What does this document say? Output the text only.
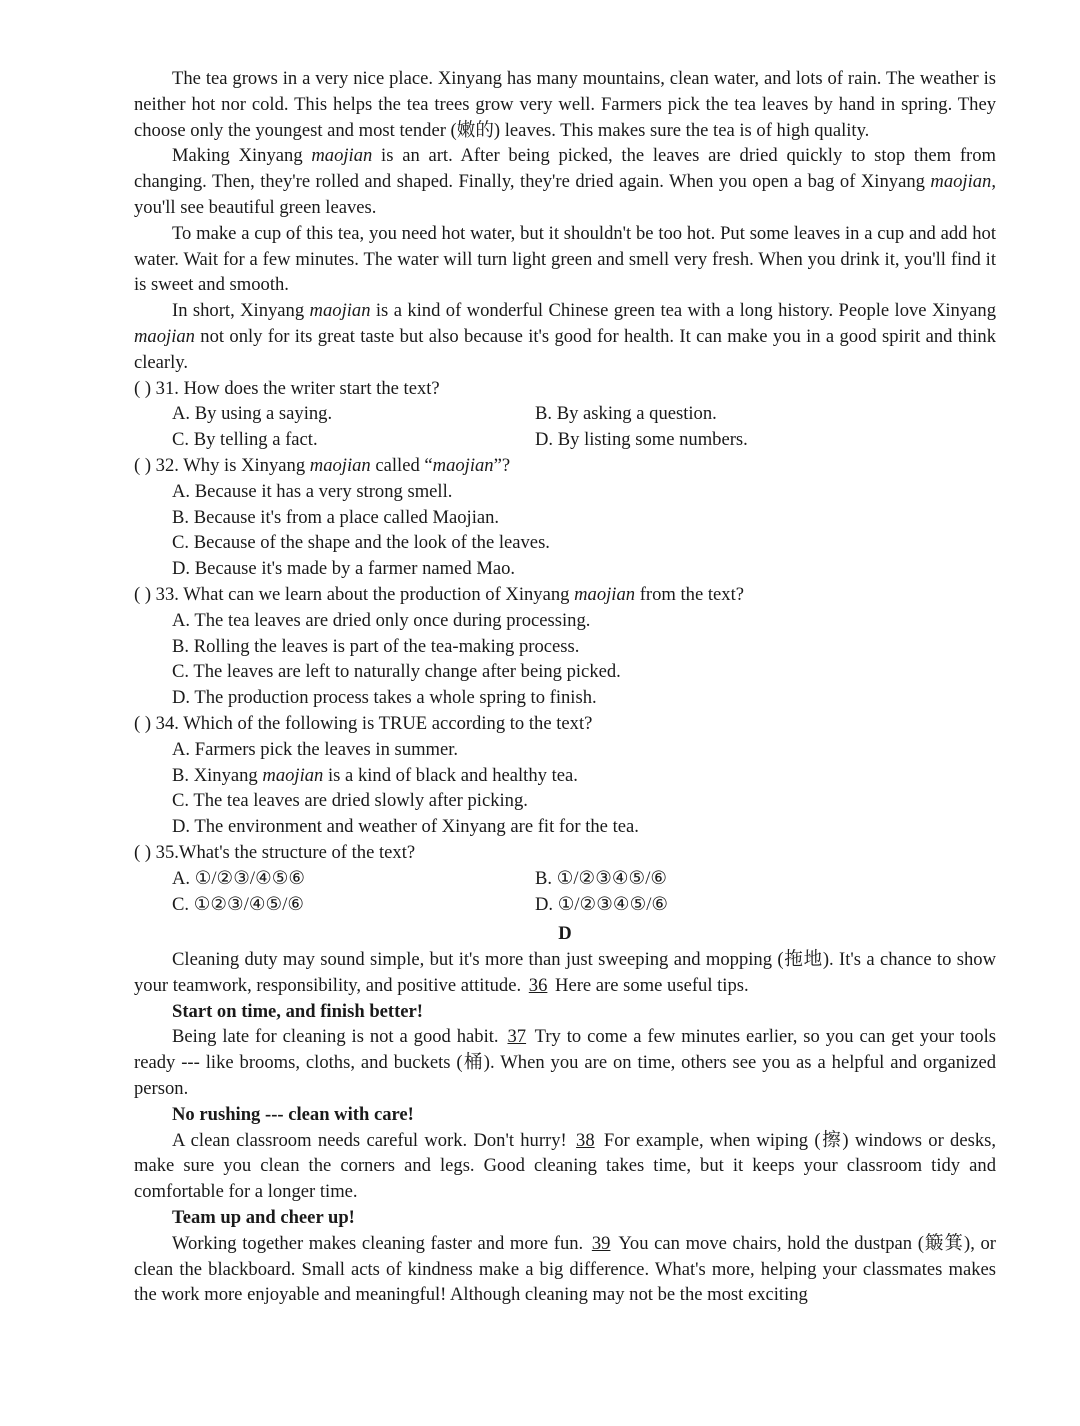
The tea grows in a very nice place. Xinyang has many mountains, clean water, and lots of rain. The weather is neither hot nor cold. This helps the tea trees grow very well. Farmers pick the tea leaves by hand in spring. They choose only the youngest and most tender (嫩的) leaves. This makes sure the tea is of high quality.

Making Xinyang maojian is an art. After being picked, the leaves are dried quickly to stop them from changing. Then, they're rolled and shaped. Finally, they're dried again. When you open a bag of Xinyang maojian, you'll see beautiful green leaves.

To make a cup of this tea, you need hot water, but it shouldn't be too hot. Put some leaves in a cup and add hot water. Wait for a few minutes. The water will turn light green and smell very fresh. When you drink it, you'll find it is sweet and smooth.

In short, Xinyang maojian is a kind of wonderful Chinese green tea with a long history. People love Xinyang maojian not only for its great taste but also because it's good for health. It can make you in a good spirit and think clearly.

( ) 31. How does the writer start the text?
A. By using a saying.	B. By asking a question.
C. By telling a fact.	D. By listing some numbers.
( ) 32. Why is Xinyang maojian called “maojian”?
A. Because it has a very strong smell.
B. Because it's from a place called Maojian.
C. Because of the shape and the look of the leaves.
D. Because it's made by a farmer named Mao.
( ) 33. What can we learn about the production of Xinyang maojian from the text?
A. The tea leaves are dried only once during processing.
B. Rolling the leaves is part of the tea-making process.
C. The leaves are left to naturally change after being picked.
D. The production process takes a whole spring to finish.
( ) 34. Which of the following is TRUE according to the text?
A. Farmers pick the leaves in summer.
B. Xinyang maojian is a kind of black and healthy tea.
C. The tea leaves are dried slowly after picking.
D. The environment and weather of Xinyang are fit for the tea.
( ) 35.What's the structure of the text?
A. ①/②③/④⑤⑥	B. ①/②③④⑤/⑥
C. ①②③/④⑤/⑥	D. ①/②③④⑤/⑥

D

Cleaning duty may sound simple, but it's more than just sweeping and mopping (拖地). It's a chance to show your teamwork, responsibility, and positive attitude. 36 Here are some useful tips.

Start on time, and finish better!

Being late for cleaning is not a good habit. 37 Try to come a few minutes earlier, so you can get your tools ready --- like brooms, cloths, and buckets (桶). When you are on time, others see you as a helpful and organized person.

No rushing --- clean with care!

A clean classroom needs careful work. Don't hurry! 38 For example, when wiping (擦) windows or desks, make sure you clean the corners and legs. Good cleaning takes time, but it keeps your classroom tidy and comfortable for a longer time.

Team up and cheer up!

Working together makes cleaning faster and more fun. 39 You can move chairs, hold the dustpan (簸箕), or clean the blackboard. Small acts of kindness make a big difference. What's more, helping your classmates makes the work more enjoyable and meaningful! Although cleaning may not be the most exciting
